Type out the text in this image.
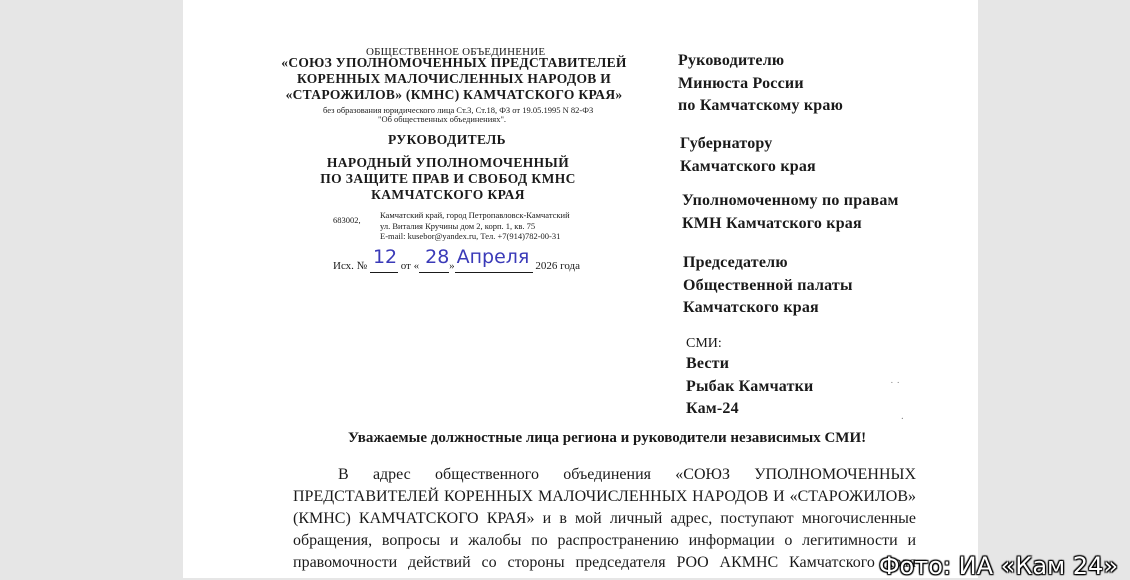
ОБЩЕСТВЕННОЕ ОБЪЕДИНЕНИЕ
«СОЮЗ УПОЛНОМОЧЕННЫХ ПРЕДСТАВИТЕЛЕЙ
КОРЕННЫХ МАЛОЧИСЛЕННЫХ НАРОДОВ И
«СТАРОЖИЛОВ» (КМНС) КАМЧАТСКОГО КРАЯ»
без образования юридического лица Ст.3, Ст.18, ФЗ от 19.05.1995 N 82-ФЗ
"Об общественных объединениях".
РУКОВОДИТЕЛЬ
НАРОДНЫЙ УПОЛНОМОЧЕННЫЙ
ПО ЗАЩИТЕ ПРАВ И СВОБОД КМНС
КАМЧАТСКОГО КРАЯ
683002, Камчатский край, город Петропавловск-Камчатский
ул. Виталия Кручины дом 2, корп. 1, кв. 75
E-mail: kusebor@yandex.ru, Тел. +7(914)782-00-31
Исх. № 12 от « 28 » Апреля 2026 года
Руководителю
Минюста России
по Камчатскому краю
Губернатору
Камчатского края
Уполномоченному по правам
КМН Камчатского края
Председателю
Общественной палаты
Камчатского края
СМИ:
Вести
Рыбак Камчатки
Кам-24
˙ ˙
.
Уважаемые должностные лица региона и руководители независимых СМИ!
В адрес общественного объединения «СОЮЗ УПОЛНОМОЧЕННЫХ
ПРЕДСТАВИТЕЛЕЙ КОРЕННЫХ МАЛОЧИСЛЕННЫХ НАРОДОВ И «СТАРОЖИЛОВ»
(КМНС) КАМЧАТСКОГО КРАЯ» и в мой личный адрес, поступают многочисленные
обращения, вопросы и жалобы по распространению информации о легитимности и
правомочности действий со стороны председателя РОО АКМНС Камчатского края
Фото: ИА «Кам 24»
